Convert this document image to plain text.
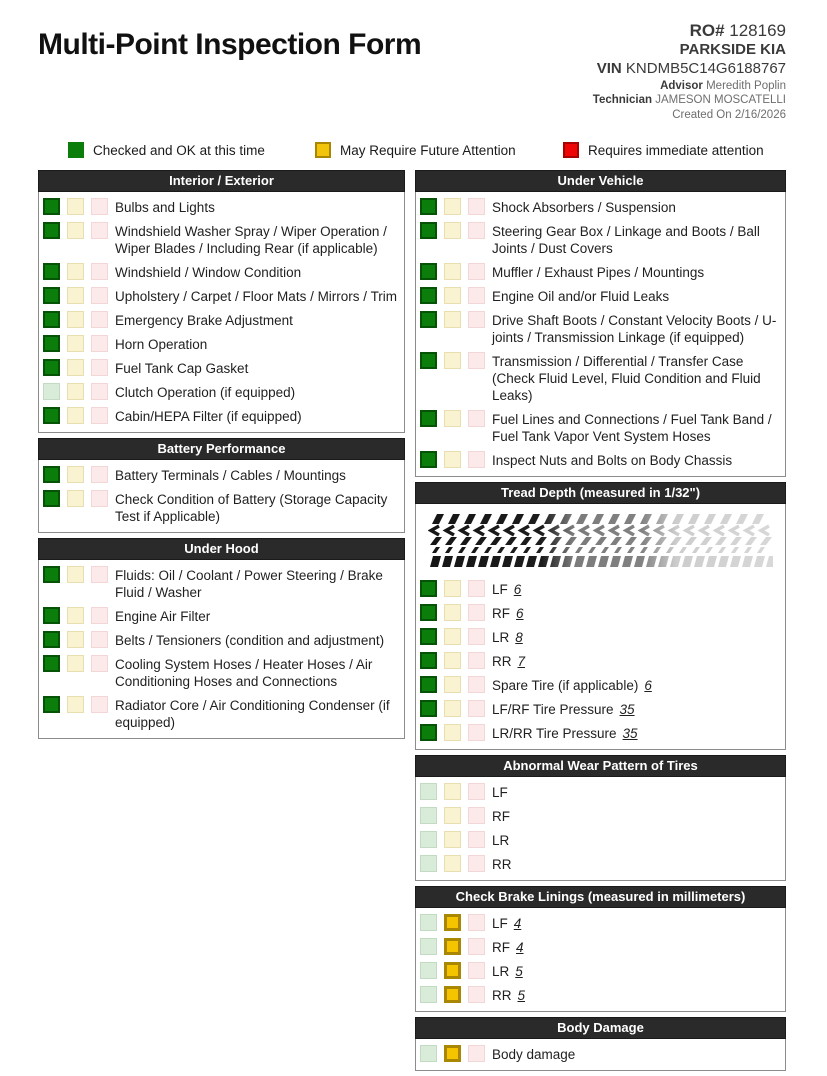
Multi-Point Inspection Form	RO# 128169
PARKSIDE KIA
VIN KNDMB5C14G6188767
Advisor Meredith Poplin
Technician JAMESON MOSCATELLI
Created On 2/16/2026
Checked and OK at this time	May Require Future Attention	Requires immediate attention
Interior / Exterior
Bulbs and Lights
Windshield Washer Spray / Wiper Operation / Wiper Blades / Including Rear (if applicable)
Windshield / Window Condition
Upholstery / Carpet / Floor Mats / Mirrors / Trim
Emergency Brake Adjustment
Horn Operation
Fuel Tank Cap Gasket
Clutch Operation (if equipped)
Cabin/HEPA Filter (if equipped)
Battery Performance
Battery Terminals / Cables / Mountings
Check Condition of Battery (Storage Capacity Test if Applicable)
Under Hood
Fluids: Oil / Coolant / Power Steering / Brake Fluid / Washer
Engine Air Filter
Belts / Tensioners (condition and adjustment)
Cooling System Hoses / Heater Hoses / Air Conditioning Hoses and Connections
Radiator Core / Air Conditioning Condenser (if equipped)
Under Vehicle
Shock Absorbers / Suspension
Steering Gear Box / Linkage and Boots / Ball Joints / Dust Covers
Muffler / Exhaust Pipes / Mountings
Engine Oil and/or Fluid Leaks
Drive Shaft Boots / Constant Velocity Boots / U-joints / Transmission Linkage (if equipped)
Transmission / Differential / Transfer Case (Check Fluid Level, Fluid Condition and Fluid Leaks)
Fuel Lines and Connections / Fuel Tank Band / Fuel Tank Vapor Vent System Hoses
Inspect Nuts and Bolts on Body Chassis
Tread Depth (measured in 1/32")
LF 6
RF 6
LR 8
RR 7
Spare Tire (if applicable) 6
LF/RF Tire Pressure 35
LR/RR Tire Pressure 35
Abnormal Wear Pattern of Tires
LF
RF
LR
RR
Check Brake Linings (measured in millimeters)
LF 4
RF 4
LR 5
RR 5
Body Damage
Body damage
